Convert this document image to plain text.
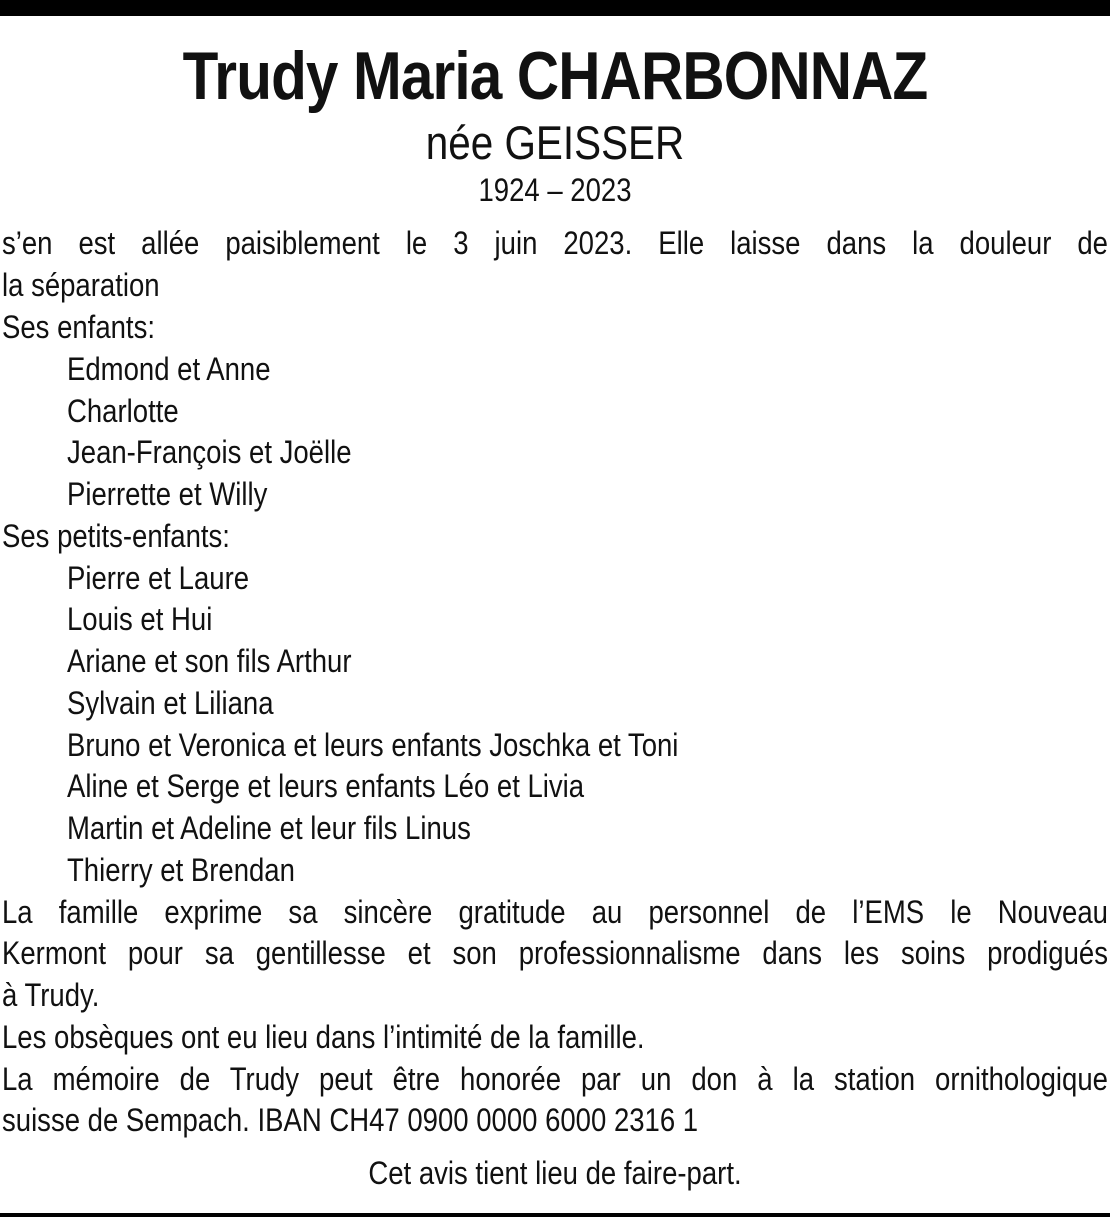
Trudy Maria CHARBONNAZ
née GEISSER
1924 – 2023
s’en est allée paisiblement le 3 juin 2023. Elle laisse dans la douleur de
la séparation
Ses enfants:
Edmond et Anne
Charlotte
Jean-François et Joëlle
Pierrette et Willy
Ses petits-enfants:
Pierre et Laure
Louis et Hui
Ariane et son fils Arthur
Sylvain et Liliana
Bruno et Veronica et leurs enfants Joschka et Toni
Aline et Serge et leurs enfants Léo et Livia
Martin et Adeline et leur fils Linus
Thierry et Brendan
La famille exprime sa sincère gratitude au personnel de l’EMS le Nouveau
Kermont pour sa gentillesse et son professionnalisme dans les soins prodigués
à Trudy.
Les obsèques ont eu lieu dans l’intimité de la famille.
La mémoire de Trudy peut être honorée par un don à la station ornithologique
suisse de Sempach. IBAN CH47 0900 0000 6000 2316 1
Cet avis tient lieu de faire-part.
